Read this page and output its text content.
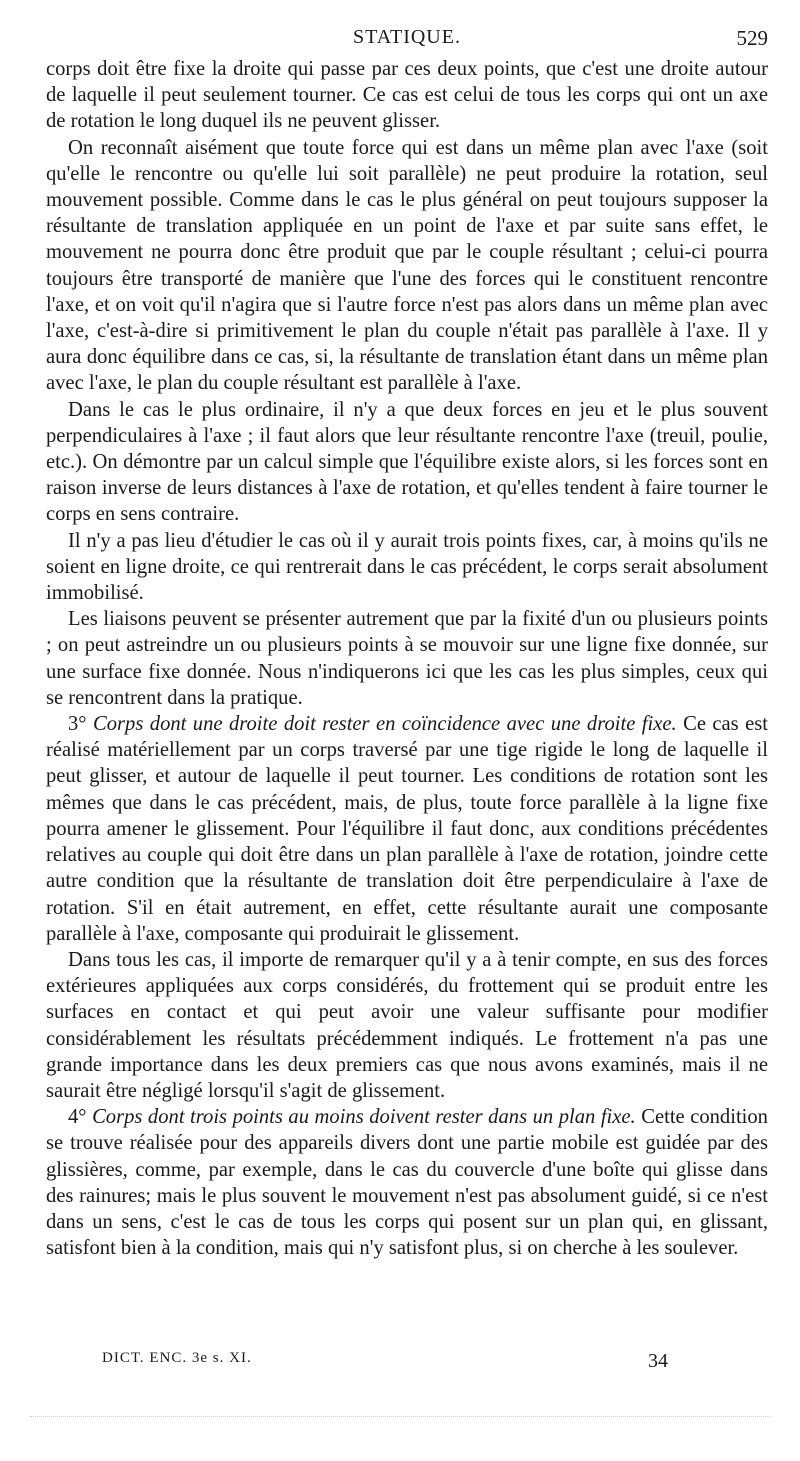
STATIQUE.	529

corps doit être fixe la droite qui passe par ces deux points, que c'est une droite autour de laquelle il peut seulement tourner. Ce cas est celui de tous les corps qui ont un axe de rotation le long duquel ils ne peuvent glisser.

On reconnaît aisément que toute force qui est dans un même plan avec l'axe (soit qu'elle le rencontre ou qu'elle lui soit parallèle) ne peut produire la rotation, seul mouvement possible. Comme dans le cas le plus général on peut toujours supposer la résultante de translation appliquée en un point de l'axe et par suite sans effet, le mouvement ne pourra donc être produit que par le couple résultant ; celui-ci pourra toujours être transporté de manière que l'une des forces qui le constituent rencontre l'axe, et on voit qu'il n'agira que si l'autre force n'est pas alors dans un même plan avec l'axe, c'est-à-dire si primitivement le plan du couple n'était pas parallèle à l'axe. Il y aura donc équilibre dans ce cas, si, la résultante de translation étant dans un même plan avec l'axe, le plan du couple résultant est parallèle à l'axe.

Dans le cas le plus ordinaire, il n'y a que deux forces en jeu et le plus souvent perpendiculaires à l'axe ; il faut alors que leur résultante rencontre l'axe (treuil, poulie, etc.). On démontre par un calcul simple que l'équilibre existe alors, si les forces sont en raison inverse de leurs distances à l'axe de rotation, et qu'elles tendent à faire tourner le corps en sens contraire.

Il n'y a pas lieu d'étudier le cas où il y aurait trois points fixes, car, à moins qu'ils ne soient en ligne droite, ce qui rentrerait dans le cas précédent, le corps serait absolument immobilisé.

Les liaisons peuvent se présenter autrement que par la fixité d'un ou plusieurs points ; on peut astreindre un ou plusieurs points à se mouvoir sur une ligne fixe donnée, sur une surface fixe donnée. Nous n'indiquerons ici que les cas les plus simples, ceux qui se rencontrent dans la pratique.

3° Corps dont une droite doit rester en coïncidence avec une droite fixe. Ce cas est réalisé matériellement par un corps traversé par une tige rigide le long de laquelle il peut glisser, et autour de laquelle il peut tourner. Les conditions de rotation sont les mêmes que dans le cas précédent, mais, de plus, toute force parallèle à la ligne fixe pourra amener le glissement. Pour l'équilibre il faut donc, aux conditions précédentes relatives au couple qui doit être dans un plan parallèle à l'axe de rotation, joindre cette autre condition que la résultante de translation doit être perpendiculaire à l'axe de rotation. S'il en était autrement, en effet, cette résultante aurait une composante parallèle à l'axe, composante qui produirait le glissement.

Dans tous les cas, il importe de remarquer qu'il y a à tenir compte, en sus des forces extérieures appliquées aux corps considérés, du frottement qui se produit entre les surfaces en contact et qui peut avoir une valeur suffisante pour modifier considérablement les résultats précédemment indiqués. Le frottement n'a pas une grande importance dans les deux premiers cas que nous avons examinés, mais il ne saurait être négligé lorsqu'il s'agit de glissement.

4° Corps dont trois points au moins doivent rester dans un plan fixe. Cette condition se trouve réalisée pour des appareils divers dont une partie mobile est guidée par des glissières, comme, par exemple, dans le cas du couvercle d'une boîte qui glisse dans des rainures; mais le plus souvent le mouvement n'est pas absolument guidé, si ce n'est dans un sens, c'est le cas de tous les corps qui posent sur un plan qui, en glissant, satisfont bien à la condition, mais qui n'y satisfont plus, si on cherche à les soulever.

DICT. ENC. 3e s. XI.	34
